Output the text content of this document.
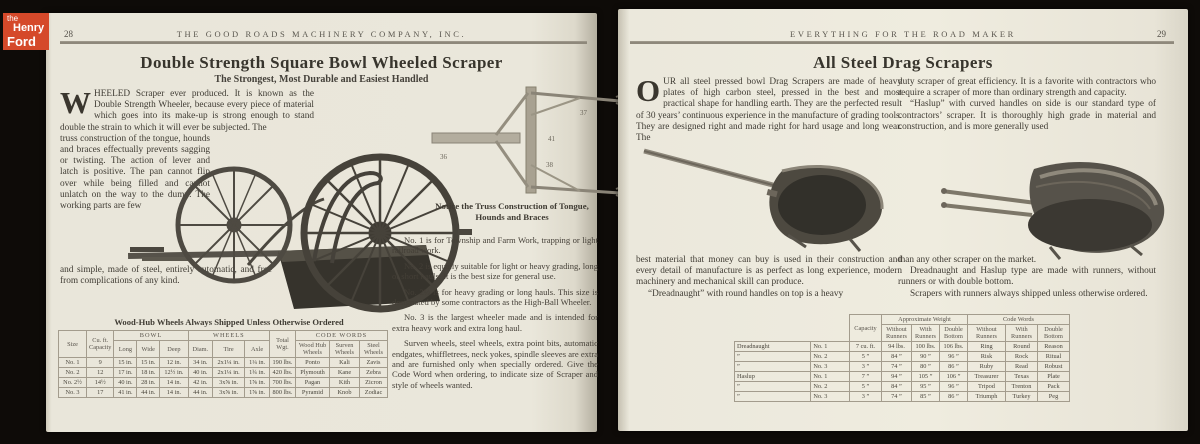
the
Henry
Ford	28	THE GOOD ROADS MACHINERY COMPANY, INC.
Double Strength Square Bowl Wheeled Scraper
The Strongest, Most Durable and Easiest Handled

WHEELED Scraper ever produced. It is known as the Double Strength Wheeler, because every piece of material which goes into its make-up is strong enough to stand double the strain to which it will ever be subjected. The

truss construction of the tongue, hounds and braces effectually prevents sagging or twisting. The action of lever and latch is positive. The pan cannot flip over while being filled and cannot unlatch on the way to the dump. The working parts are few

and simple, made of steel, entirely automatic, and free from complications of any kind.
36
37
38
41
Notice the Truss Construction of Tongue,
Hounds and Braces

No. 1 is for Township and Farm Work, trapping or light railroad work.

No. 2 is equally suitable for light or heavy grading, long or short hauls. It is the best size for general use.

No. 2½ is for heavy grading or long hauls. This size is designated by some contractors as the High-Ball Wheeler.

No. 3 is the largest wheeler made and is intended for extra heavy work and extra long haul.

Surven wheels, steel wheels, extra point bits, automatic endgates, whiffletrees, neck yokes, spindle sleeves are extra and are furnished only when specially ordered. Give the Code Word when ordering, to indicate size of Scraper and style of wheels wanted.

Wood-Hub Wheels Always Shipped Unless Otherwise Ordered
Size	Cu. ft. Capacity	BOWL			WHEELS			Total Wgt.	CODE WORDS		
		Long	Wide	Deep	Diam.	Tire	Axle		Wood Hub Wheels	Surven Wheels	Steel Wheels
No. 1	9	15 in.	15 in.	12 in.	34 in.	2x1¼ in.	1¼ in.	190 lbs.	Ponto	Kali	Zavis
No. 2	12	17 in.	18 in.	12½ in.	40 in.	2x1¼ in.	1¾ in.	420 lbs.	Plymouth	Kane	Zebra
No. 2½	14½	40 in.	28 in.	14 in.	42 in.	3x⅝ in.	1⅝ in.	700 lbs.	Pagan	Kith	Zicron
No. 3	17	41 in.	44 in.	14 in.	44 in.	3x⅝ in.	1⅝ in.	800 lbs.	Pyramid	Knob	Zodiac
EVERYTHING FOR THE ROAD MAKER	29
All Steel Drag Scrapers
OUR all steel pressed bowl Drag Scrapers are made of heavy plates of high carbon steel, pressed in the best and most practical shape for handling earth. They are the perfected result of 30 years’ continuous experience in the manufacture of grading tools. They are designed right and made right for hard usage and long wear. The

duty scraper of great efficiency. It is a favorite with contractors who require a scraper of more than ordinary strength and capacity.

“Haslup” with curved handles on side is our standard type of contractors’ scraper. It is thoroughly high grade in material and construction, and is more generally used

best material that money can buy is used in their construction and every detail of manufacture is as perfect as long experience, modern machinery and mechanical skill can produce.

“Dreadnaught” with round handles on top is a heavy

than any other scraper on the market.

Dreadnaught and Haslup type are made with runners, without runners or with double bottom.

Scrapers with runners always shipped unless otherwise ordered.

		Capacity	Approximate Weight			Code Words		
			Without Runners	With Runners	Double Bottom	Without Runners	With Runners	Double Bottom
Dreadnaught	No. 1	7 cu. ft.	94 lbs.	100 lbs.	106 lbs.	Ring	Round	Reason
”	No. 2	5 ”	84 ”	90 ”	96 ”	Risk	Rock	Ritual
”	No. 3	3 ”	74 ”	80 ”	86 ”	Ruby	Read	Robust
Haslup	No. 1	7 ”	94 ”	105 ”	106 ”	Treasurer	Texas	Plate
”	No. 2	5 ”	84 ”	95 ”	96 ”	Tripod	Trenton	Pack
”	No. 3	3 ”	74 ”	85 ”	86 ”	Triumph	Turkey	Peg
